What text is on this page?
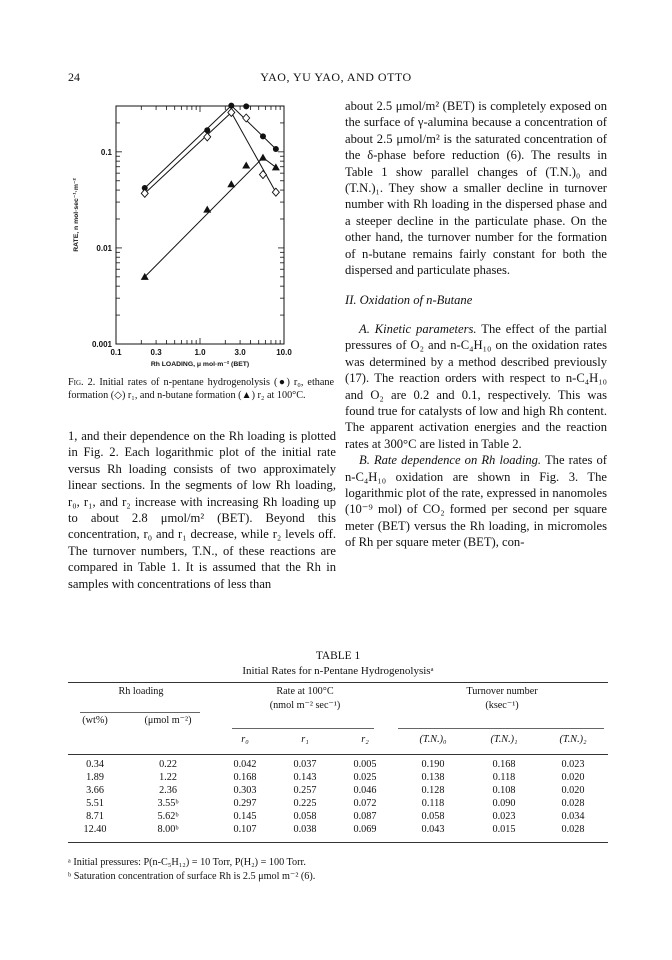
24	YAO, YU YAO, AND OTTO
0.1	0.3	1.0	3.0	10.0
0.001
0.01
0.1
Rh LOADING, μ mol·m⁻² (BET)
RATE, n mol·sec⁻¹·m⁻²
Fig. 2. Initial rates of n-pentane hydrogenolysis (●) r₀, ethane formation (◇) r₁, and n-butane formation (▲) r₂ at 100°C.

1, and their dependence on the Rh loading is plotted in Fig. 2. Each logarithmic plot of the initial rate versus Rh loading consists of two approximately linear sections. In the segments of low Rh loading, r₀, r₁, and r₂ increase with increasing Rh loading up to about 2.8 μmol/m² (BET). Beyond this concentration, r₀ and r₁ decrease, while r₂ levels off. The turnover numbers, T.N., of these reactions are compared in Table 1. It is assumed that the Rh in samples with concentrations of less than

about 2.5 μmol/m² (BET) is completely exposed on the surface of γ-alumina because a concentration of about 2.5 μmol/m² is the saturated concentration of the δ-phase before reduction (6). The results in Table 1 show parallel changes of (T.N.)₀ and (T.N.)₁. They show a smaller decline in turnover number with Rh loading in the dispersed phase and a steeper decline in the particulate phase. On the other hand, the turnover number for the formation of n-butane remains fairly constant for both the dispersed and particulate phases.

II. Oxidation of n-Butane

A. Kinetic parameters. The effect of the partial pressures of O₂ and n-C₄H₁₀ on the oxidation rates was determined by a method described previously (17). The reaction orders with respect to n-C₄H₁₀ and O₂ are 0.2 and 0.1, respectively. This was found true for catalysts of low and high Rh content. The apparent activation energies and the reaction rates at 300°C are listed in Table 2.

B. Rate dependence on Rh loading. The rates of n-C₄H₁₀ oxidation are shown in Fig. 3. The logarithmic plot of the rate, expressed in nanomoles (10⁻⁹ mol) of CO₂ formed per second per square meter (BET) versus the Rh loading, in micromoles of Rh per square meter (BET), con-

TABLE 1
Initial Rates for n-Pentane Hydrogenolysisᵃ
Rh loading		Rate at 100°C			Turnover number		
		(nmol m⁻² sec⁻¹)			(ksec⁻¹)		
(wt%)	(μmol m⁻²)						
		r₀	r₁	r₂	(T.N.)₀	(T.N.)₁	(T.N.)₂

0.34	0.22	0.042	0.037	0.005	0.190	0.168	0.023
1.89	1.22	0.168	0.143	0.025	0.138	0.118	0.020
3.66	2.36	0.303	0.257	0.046	0.128	0.108	0.020
5.51	3.55ᵇ	0.297	0.225	0.072	0.118	0.090	0.028
8.71	5.62ᵇ	0.145	0.058	0.087	0.058	0.023	0.034
12.40	8.00ᵇ	0.107	0.038	0.069	0.043	0.015	0.028
ᵃ Initial pressures: P(n-C₅H₁₂) = 10 Torr, P(H₂) = 100 Torr.
ᵇ Saturation concentration of surface Rh is 2.5 μmol m⁻² (6).
